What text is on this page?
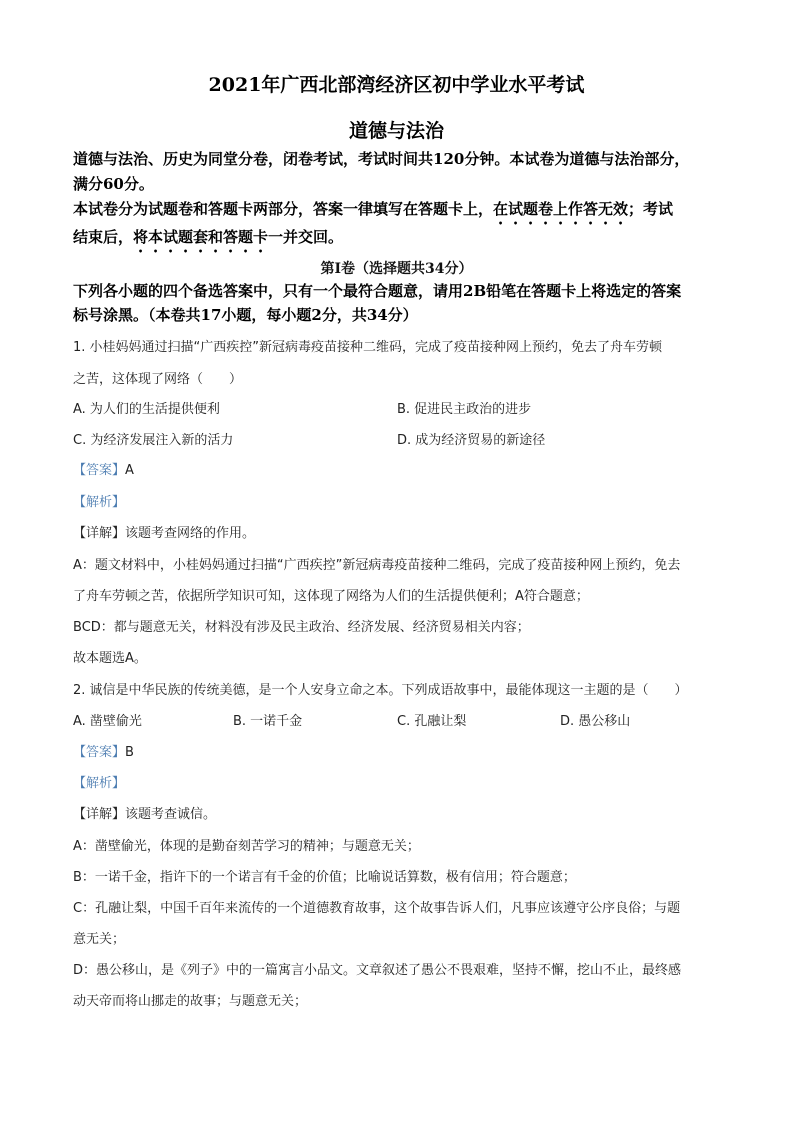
2021年广西北部湾经济区初中学业水平考试
道德与法治
道德与法治、历史为同堂分卷，闭卷考试，考试时间共120分钟。本试卷为道德与法治部分，
满分60分。
本试卷分为试题卷和答题卡两部分，答案一律填写在答题卡上，在试题卷上作答无效；考试
结束后，将本试题套和答题卡一并交回。
第Ⅰ卷（选择题共34分）
下列各小题的四个备选答案中，只有一个最符合题意，请用2B铅笔在答题卡上将选定的答案
标号涂黑。（本卷共17小题，每小题2分，共34分）
1. 小桂妈妈通过扫描“广西疾控”新冠病毒疫苗接种二维码，完成了疫苗接种网上预约，免去了舟车劳顿
之苦，这体现了网络（　　）
A. 为人们的生活提供便利	B. 促进民主政治的进步
C. 为经济发展注入新的活力	D. 成为经济贸易的新途径
【答案】A
【解析】
【详解】该题考查网络的作用。
A：题文材料中，小桂妈妈通过扫描“广西疾控”新冠病毒疫苗接种二维码，完成了疫苗接种网上预约，免去
了舟车劳顿之苦，依据所学知识可知，这体现了网络为人们的生活提供便利；A符合题意；
BCD：都与题意无关，材料没有涉及民主政治、经济发展、经济贸易相关内容；
故本题选A。
2. 诚信是中华民族的传统美德，是一个人安身立命之本。下列成语故事中，最能体现这一主题的是（　　）
A. 凿壁偷光	B. 一诺千金	C. 孔融让梨	D. 愚公移山
【答案】B
【解析】
【详解】该题考查诚信。
A：凿壁偷光，体现的是勤奋刻苦学习的精神；与题意无关；
B：一诺千金，指许下的一个诺言有千金的价值；比喻说话算数，极有信用；符合题意；
C：孔融让梨，中国千百年来流传的一个道德教育故事，这个故事告诉人们，凡事应该遵守公序良俗；与题
意无关；
D：愚公移山，是《列子》中的一篇寓言小品文。文章叙述了愚公不畏艰难，坚持不懈，挖山不止，最终感
动天帝而将山挪走的故事；与题意无关；
